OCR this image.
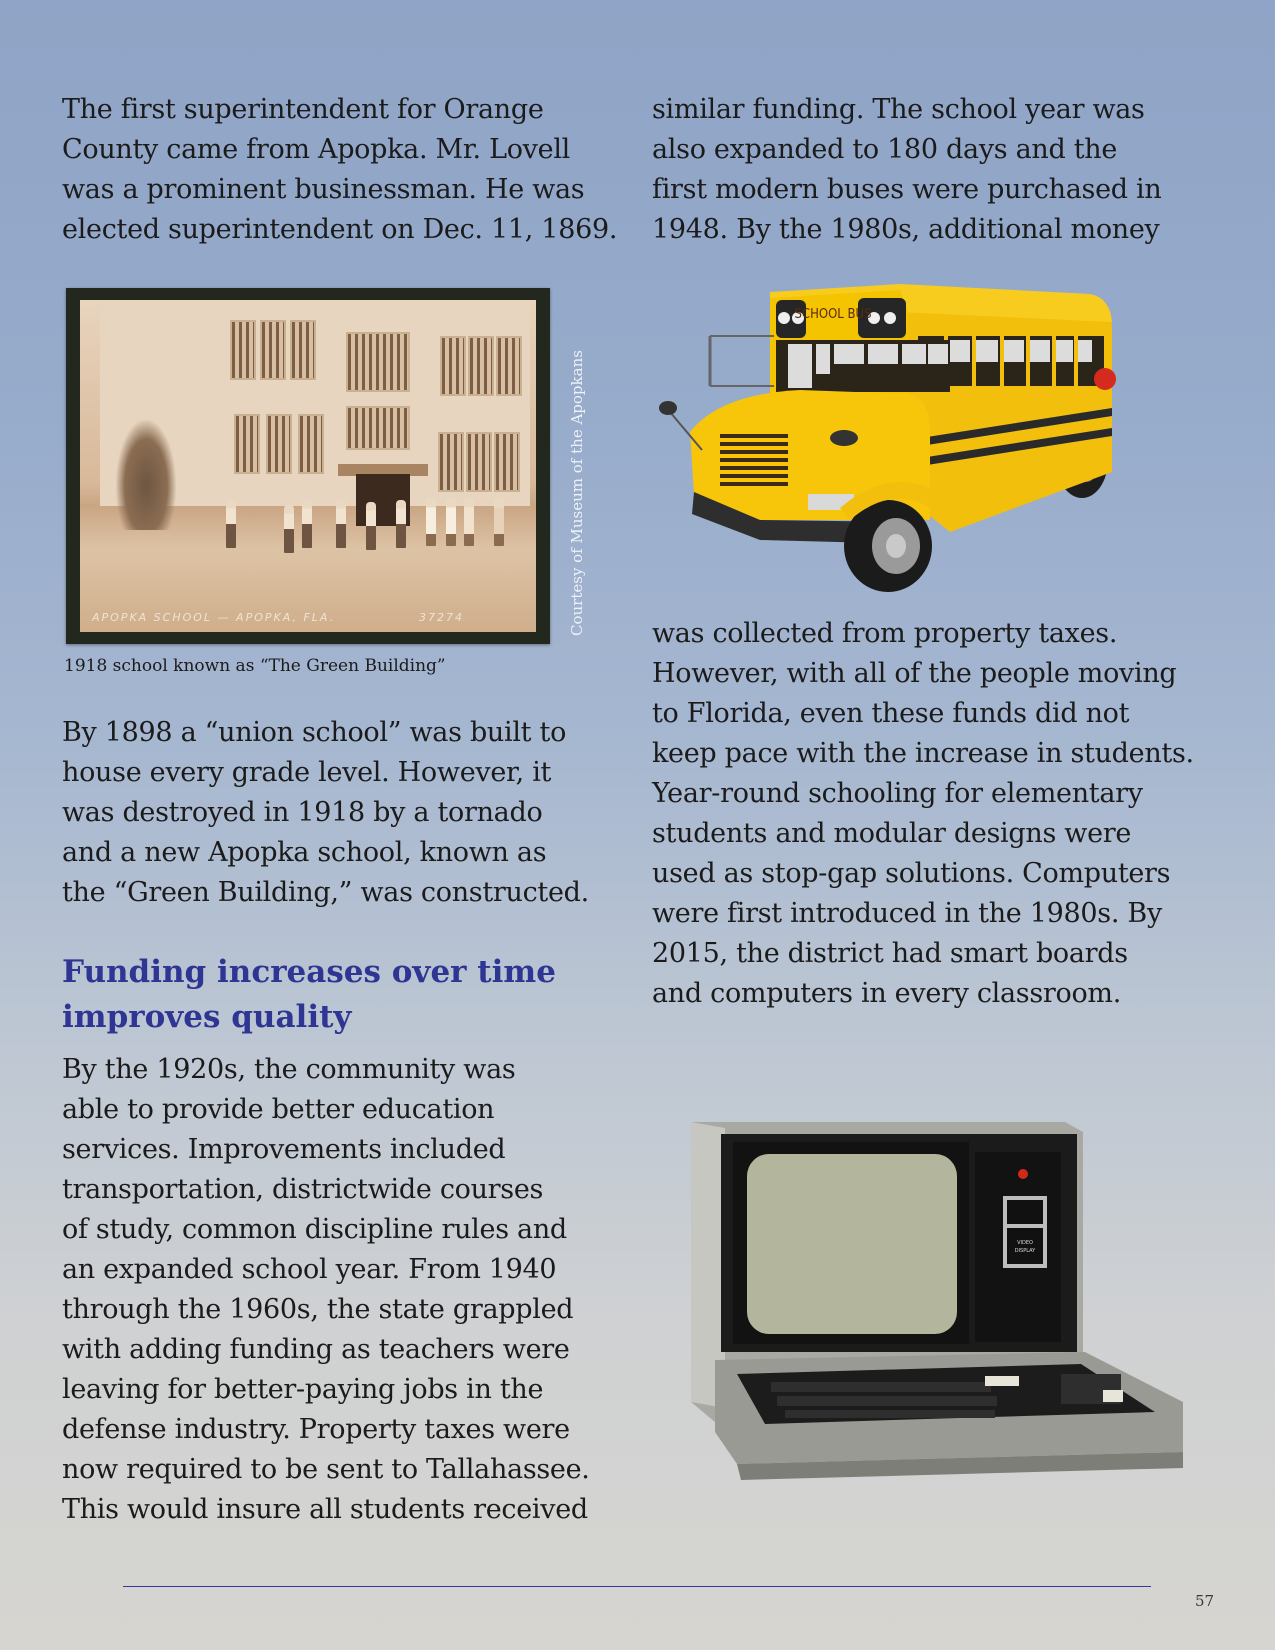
The first superintendent for Orange
County came from Apopka. Mr. Lovell
was a prominent businessman. He was
elected superintendent on Dec. 11, 1869.
APOPKA SCHOOL — APOPKA, FLA.	37274	Courtesy of Museum of the Apopkans
1918 school known as “The Green Building”
By 1898 a “union school” was built to
house every grade level. However, it
was destroyed in 1918 by a tornado
and a new Apopka school, known as
the “Green Building,” was constructed.
Funding increases over time
improves quality
By the 1920s, the community was
able to provide better education
services. Improvements included
transportation, districtwide courses
of study, common discipline rules and
an expanded school year. From 1940
through the 1960s, the state grappled
with adding funding as teachers were
leaving for better-paying jobs in the
defense industry. Property taxes were
now required to be sent to Tallahassee.
This would insure all students received
similar funding. The school year was
also expanded to 180 days and the
first modern buses were purchased in
1948. By the 1980s, additional money
SCHOOL BUS
was collected from property taxes.
However, with all of the people moving
to Florida, even these funds did not
keep pace with the increase in students.
Year-round schooling for elementary
students and modular designs were
used as stop-gap solutions. Computers
were first introduced in the 1980s. By
2015, the district had smart boards
and computers in every classroom.
VIDEO
DISPLAY
57
